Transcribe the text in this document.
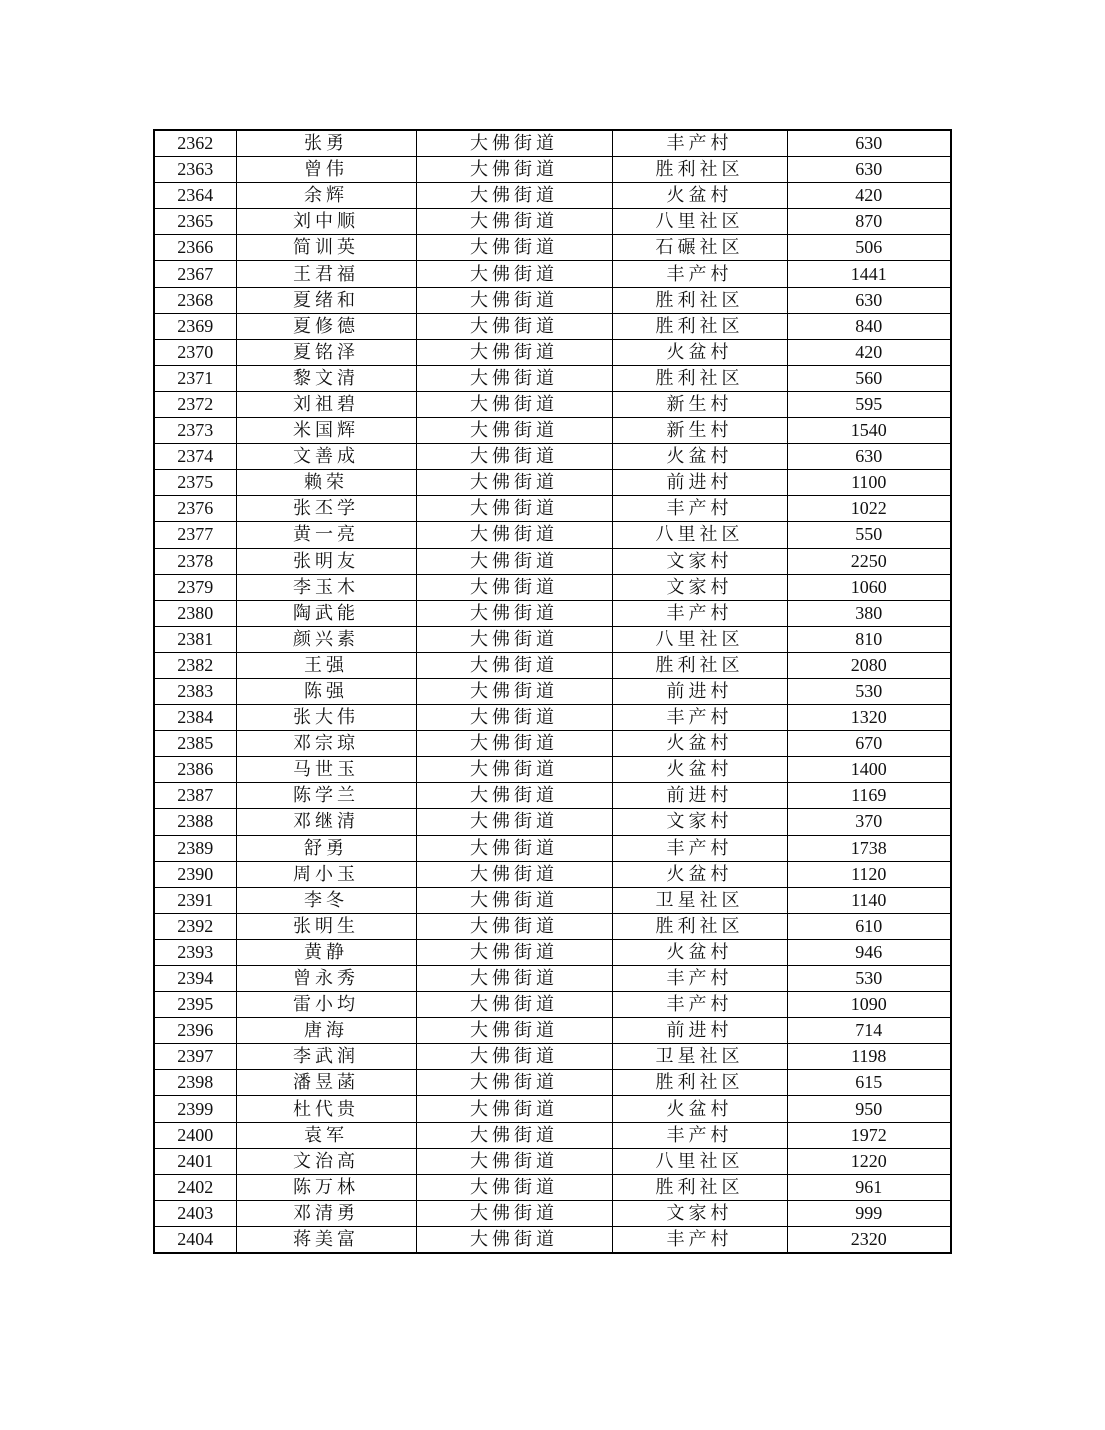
2362	张勇	大佛街道	丰产村	630
2363	曾伟	大佛街道	胜利社区	630
2364	余辉	大佛街道	火盆村	420
2365	刘中顺	大佛街道	八里社区	870
2366	简训英	大佛街道	石碾社区	506
2367	王君福	大佛街道	丰产村	1441
2368	夏绪和	大佛街道	胜利社区	630
2369	夏修德	大佛街道	胜利社区	840
2370	夏铭泽	大佛街道	火盆村	420
2371	黎文清	大佛街道	胜利社区	560
2372	刘祖碧	大佛街道	新生村	595
2373	米国辉	大佛街道	新生村	1540
2374	文善成	大佛街道	火盆村	630
2375	赖荣	大佛街道	前进村	1100
2376	张丕学	大佛街道	丰产村	1022
2377	黄一亮	大佛街道	八里社区	550
2378	张明友	大佛街道	文家村	2250
2379	李玉木	大佛街道	文家村	1060
2380	陶武能	大佛街道	丰产村	380
2381	颜兴素	大佛街道	八里社区	810
2382	王强	大佛街道	胜利社区	2080
2383	陈强	大佛街道	前进村	530
2384	张大伟	大佛街道	丰产村	1320
2385	邓宗琼	大佛街道	火盆村	670
2386	马世玉	大佛街道	火盆村	1400
2387	陈学兰	大佛街道	前进村	1169
2388	邓继清	大佛街道	文家村	370
2389	舒勇	大佛街道	丰产村	1738
2390	周小玉	大佛街道	火盆村	1120
2391	李冬	大佛街道	卫星社区	1140
2392	张明生	大佛街道	胜利社区	610
2393	黄静	大佛街道	火盆村	946
2394	曾永秀	大佛街道	丰产村	530
2395	雷小均	大佛街道	丰产村	1090
2396	唐海	大佛街道	前进村	714
2397	李武润	大佛街道	卫星社区	1198
2398	潘昱菡	大佛街道	胜利社区	615
2399	杜代贵	大佛街道	火盆村	950
2400	袁军	大佛街道	丰产村	1972
2401	文治高	大佛街道	八里社区	1220
2402	陈万林	大佛街道	胜利社区	961
2403	邓清勇	大佛街道	文家村	999
2404	蒋美富	大佛街道	丰产村	2320
